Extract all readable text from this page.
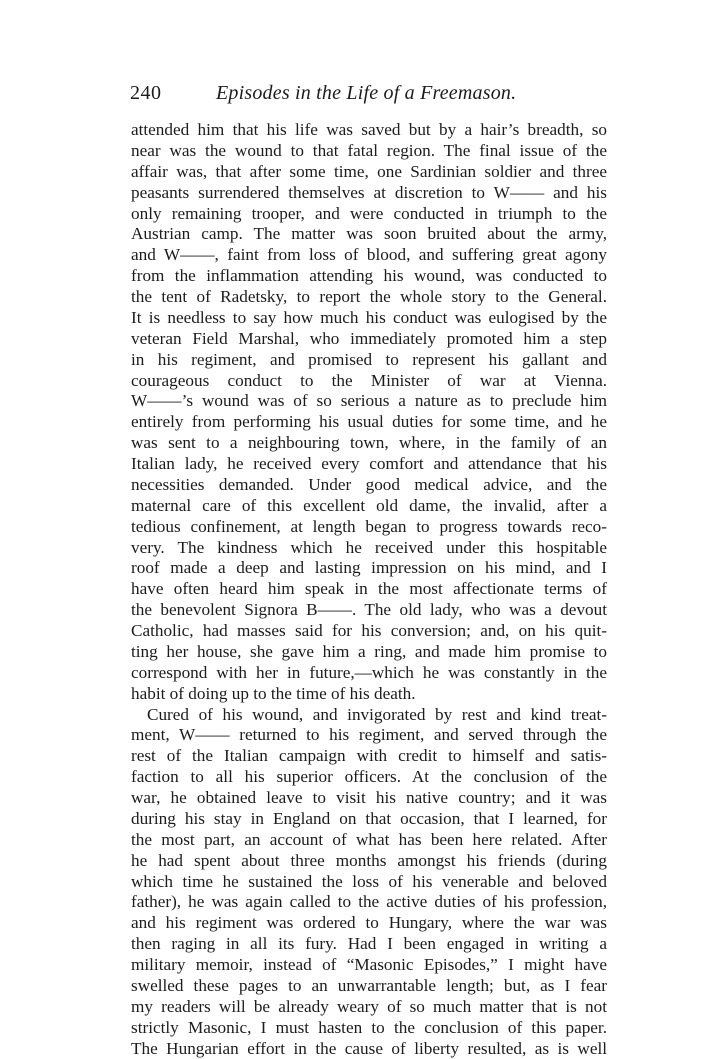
240	Episodes in the Life of a Freemason.
attended him that his life was saved but by a hair’s breadth, so
near was the wound to that fatal region. The final issue of the
affair was, that after some time, one Sardinian soldier and three
peasants surrendered themselves at discretion to W—— and his
only remaining trooper, and were conducted in triumph to the
Austrian camp. The matter was soon bruited about the army,
and W——, faint from loss of blood, and suffering great agony
from the inflammation attending his wound, was conducted to
the tent of Radetsky, to report the whole story to the General.
It is needless to say how much his conduct was eulogised by the
veteran Field Marshal, who immediately promoted him a step
in his regiment, and promised to represent his gallant and
courageous conduct to the Minister of war at Vienna.
W——’s wound was of so serious a nature as to preclude him
entirely from performing his usual duties for some time, and he
was sent to a neighbouring town, where, in the family of an
Italian lady, he received every comfort and attendance that his
necessities demanded. Under good medical advice, and the
maternal care of this excellent old dame, the invalid, after a
tedious confinement, at length began to progress towards reco-
very. The kindness which he received under this hospitable
roof made a deep and lasting impression on his mind, and I
have often heard him speak in the most affectionate terms of
the benevolent Signora B——. The old lady, who was a devout
Catholic, had masses said for his conversion; and, on his quit-
ting her house, she gave him a ring, and made him promise to
correspond with her in future,—which he was constantly in the
habit of doing up to the time of his death.
Cured of his wound, and invigorated by rest and kind treat-
ment, W—— returned to his regiment, and served through the
rest of the Italian campaign with credit to himself and satis-
faction to all his superior officers. At the conclusion of the
war, he obtained leave to visit his native country; and it was
during his stay in England on that occasion, that I learned, for
the most part, an account of what has been here related. After
he had spent about three months amongst his friends (during
which time he sustained the loss of his venerable and beloved
father), he was again called to the active duties of his profession,
and his regiment was ordered to Hungary, where the war was
then raging in all its fury. Had I been engaged in writing a
military memoir, instead of “Masonic Episodes,” I might have
swelled these pages to an unwarrantable length; but, as I fear
my readers will be already weary of so much matter that is not
strictly Masonic, I must hasten to the conclusion of this paper.
The Hungarian effort in the cause of liberty resulted, as is well
